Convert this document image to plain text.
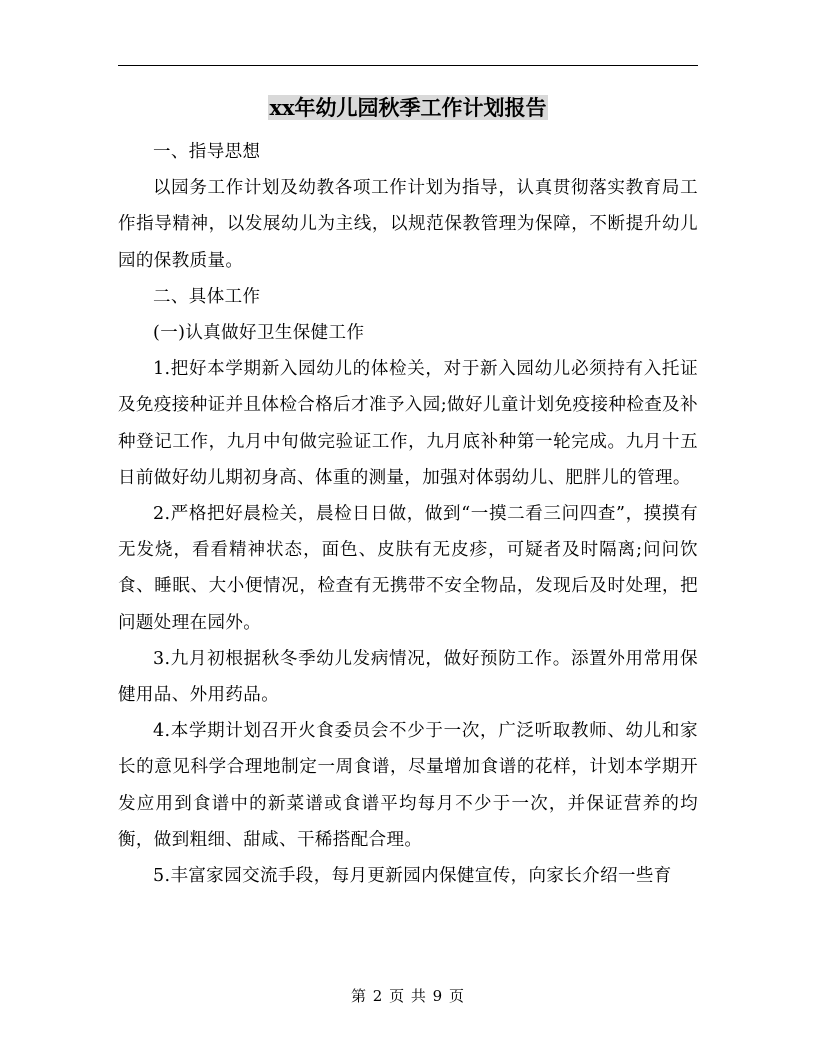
xx年幼儿园秋季工作计划报告

一、指导思想

以园务工作计划及幼教各项工作计划为指导，认真贯彻落实教育局工作指导精神，以发展幼儿为主线，以规范保教管理为保障，不断提升幼儿园的保教质量。

二、具体工作

(一)认真做好卫生保健工作

1.把好本学期新入园幼儿的体检关，对于新入园幼儿必须持有入托证及免疫接种证并且体检合格后才准予入园;做好儿童计划免疫接种检查及补种登记工作，九月中旬做完验证工作，九月底补种第一轮完成。九月十五日前做好幼儿期初身高、体重的测量，加强对体弱幼儿、肥胖儿的管理。

2.严格把好晨检关，晨检日日做，做到“一摸二看三问四查”，摸摸有无发烧，看看精神状态，面色、皮肤有无皮疹，可疑者及时隔离;问问饮食、睡眠、大小便情况，检查有无携带不安全物品，发现后及时处理，把问题处理在园外。

3.九月初根据秋冬季幼儿发病情况，做好预防工作。添置外用常用保健用品、外用药品。

4.本学期计划召开火食委员会不少于一次，广泛听取教师、幼儿和家长的意见科学合理地制定一周食谱，尽量增加食谱的花样，计划本学期开发应用到食谱中的新菜谱或食谱平均每月不少于一次，并保证营养的均衡，做到粗细、甜咸、干稀搭配合理。

5.丰富家园交流手段，每月更新园内保健宣传，向家长介绍一些育

第 2 页 共 9 页
